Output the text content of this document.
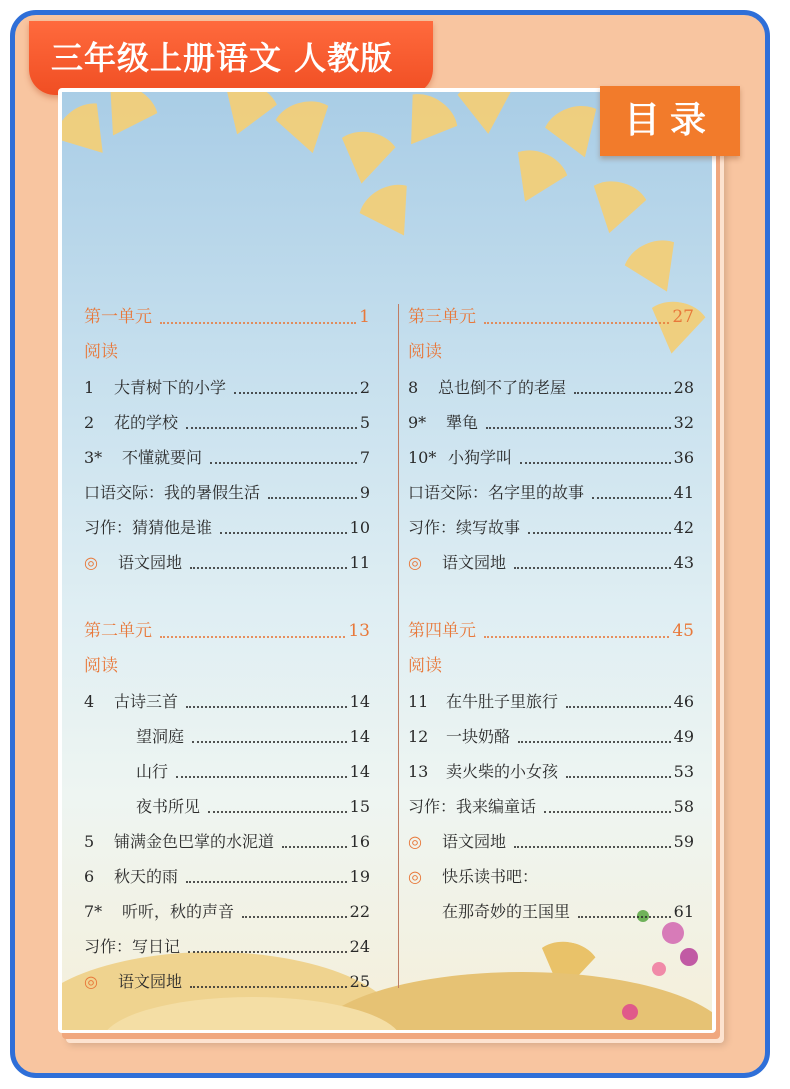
三年级上册语文 人教版
目录
第一单元	1
阅读
1	大青树下的小学	2
2	花的学校	5
3*	不懂就要问	7
口语交际：我的暑假生活	9
习作：猜猜他是谁	10
◎	语文园地	11
第二单元	13
阅读
4	古诗三首	14
望洞庭	14
山行	14
夜书所见	15
5	铺满金色巴掌的水泥道	16
6	秋天的雨	19
7*	听听，秋的声音	22
习作：写日记	24
◎	语文园地	25
第三单元	27
阅读
8	总也倒不了的老屋	28
9*	犟龟	32
10* 小狗学叫	36
口语交际：名字里的故事	41
习作：续写故事	42
◎	语文园地	43
第四单元	45
阅读
11	在牛肚子里旅行	46
12	一块奶酪	49
13	卖火柴的小女孩	53
习作：我来编童话	58
◎	语文园地	59
◎	快乐读书吧：
在那奇妙的王国里	61
